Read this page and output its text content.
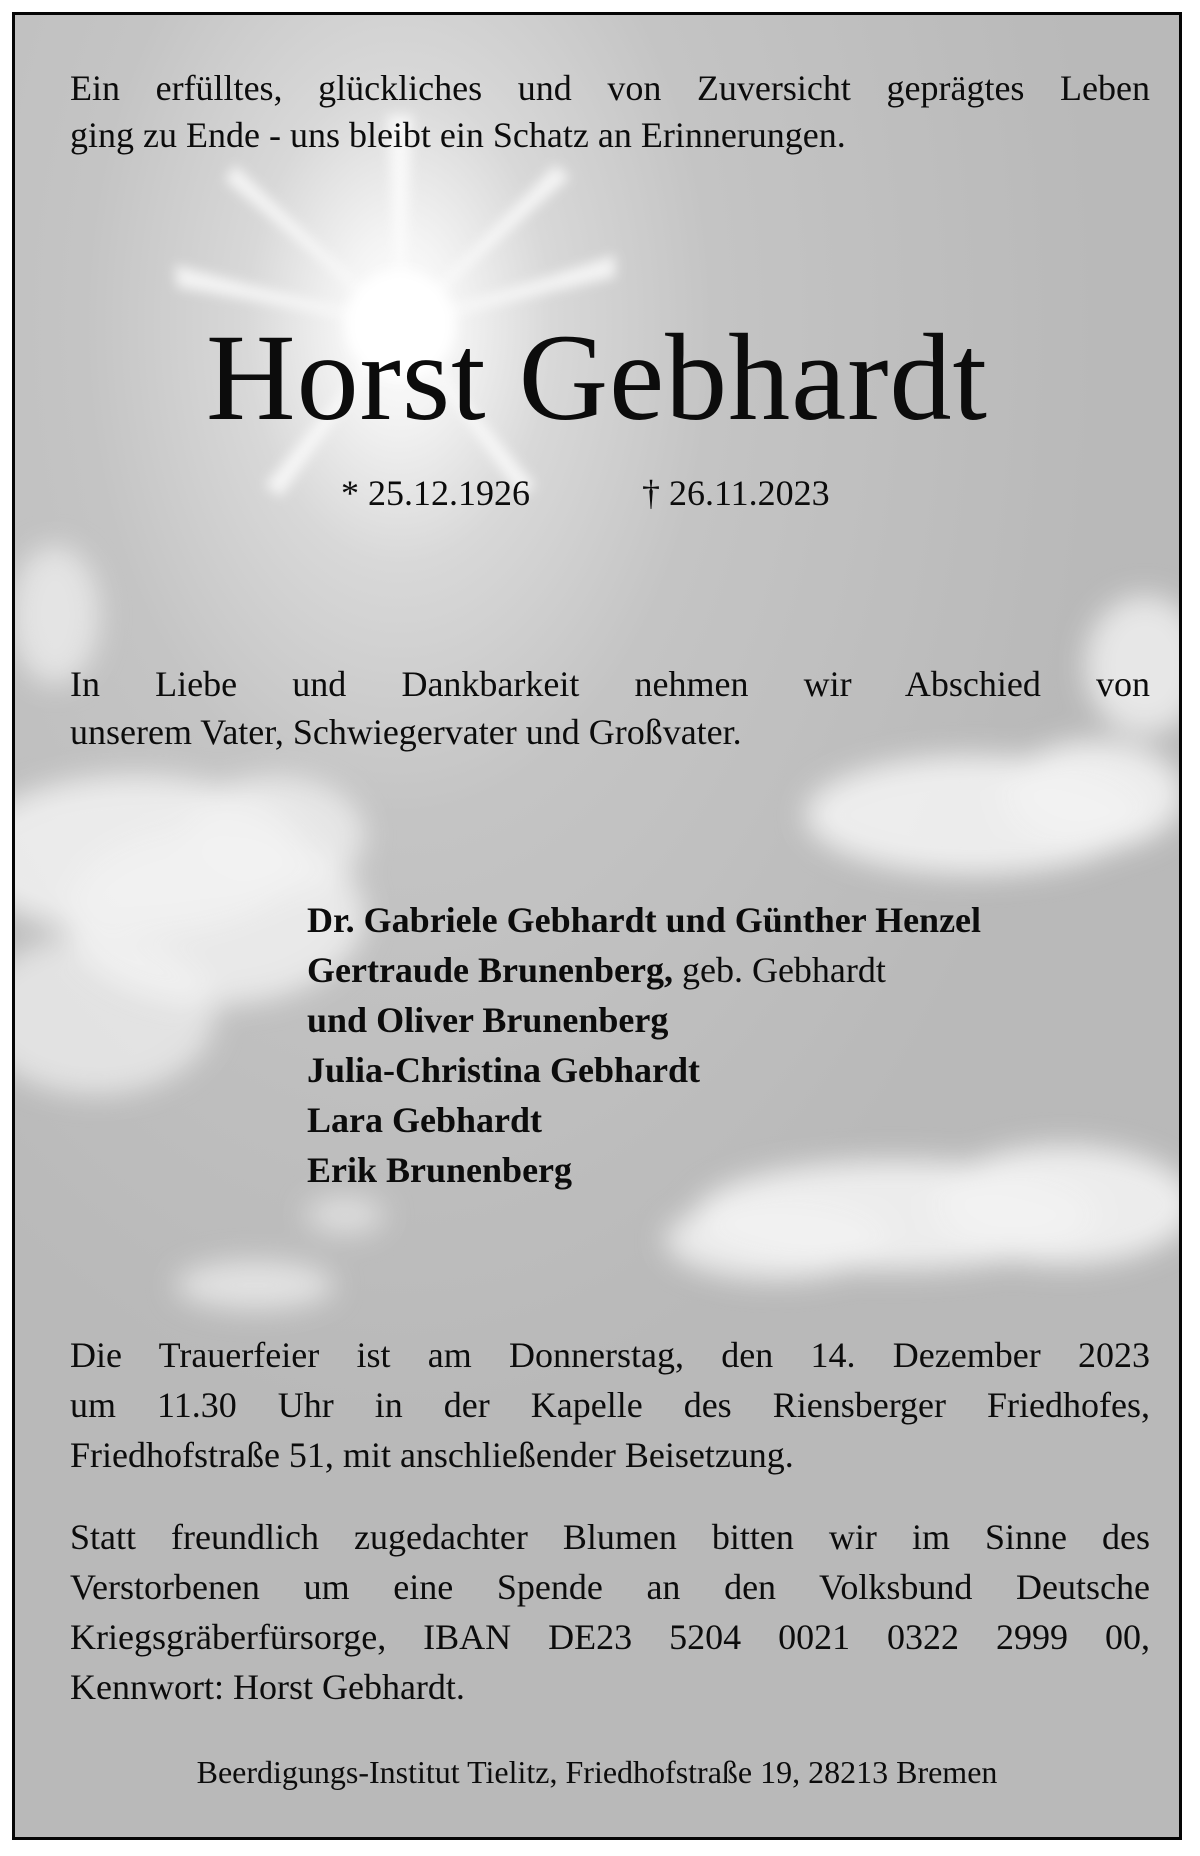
Ein erfülltes, glückliches und von Zuversicht geprägtes Leben
ging zu Ende - uns bleibt ein Schatz an Erinnerungen.

Horst Gebhardt
* 25.12.1926	† 26.11.2023

In Liebe und Dankbarkeit nehmen wir Abschied von
unserem Vater, Schwiegervater und Großvater.

Dr. Gabriele Gebhardt und Günther Henzel
Gertraude Brunenberg, geb. Gebhardt
und Oliver Brunenberg
Julia-Christina Gebhardt
Lara Gebhardt
Erik Brunenberg

Die Trauerfeier ist am Donnerstag, den 14. Dezember 2023
um 11.30 Uhr in der Kapelle des Riensberger Friedhofes,
Friedhofstraße 51, mit anschließender Beisetzung.

Statt freundlich zugedachter Blumen bitten wir im Sinne des
Verstorbenen um eine Spende an den Volksbund Deutsche
Kriegsgräberfürsorge, IBAN DE23 5204 0021 0322 2999 00,
Kennwort: Horst Gebhardt.

Beerdigungs-Institut Tielitz, Friedhofstraße 19, 28213 Bremen
